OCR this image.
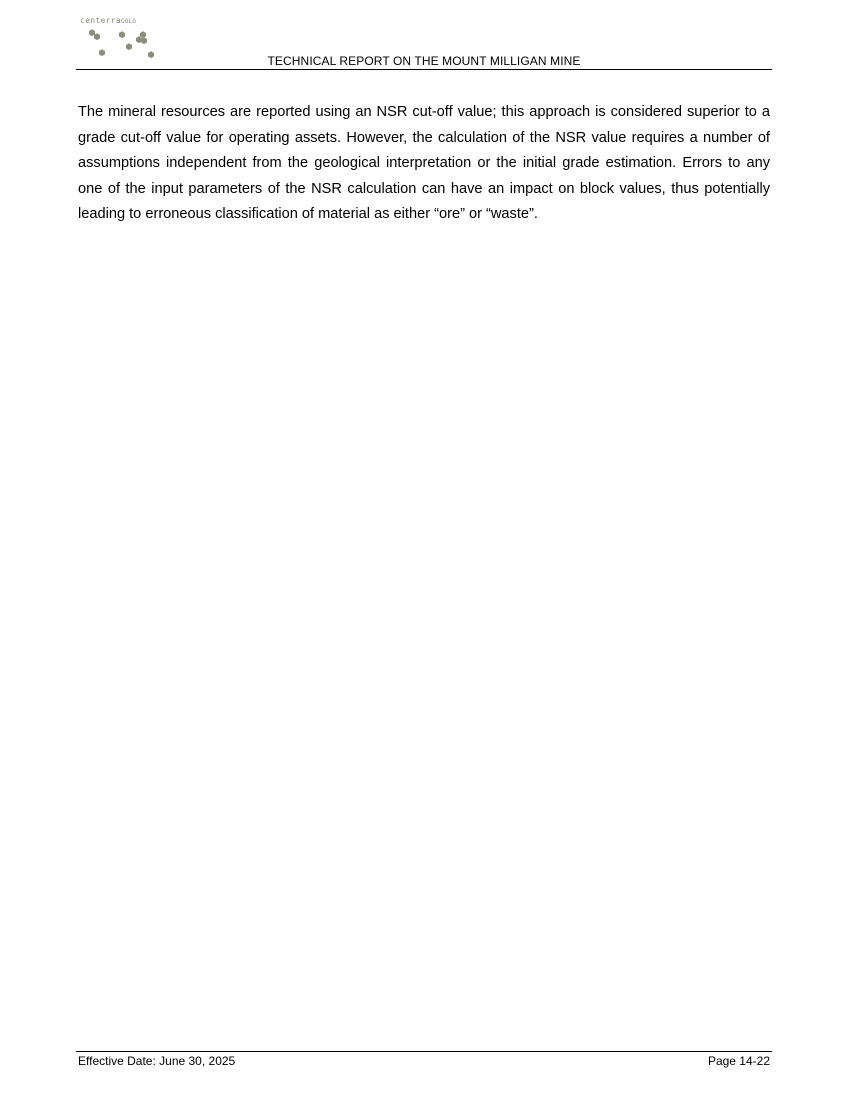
centerraGOLD
TECHNICAL REPORT ON THE MOUNT MILLIGAN MINE

The mineral resources are reported using an NSR cut-off value; this approach is considered superior to a grade cut-off value for operating assets. However, the calculation of the NSR value requires a number of assumptions independent from the geological interpretation or the initial grade estimation. Errors to any one of the input parameters of the NSR calculation can have an impact on block values, thus potentially leading to erroneous classification of material as either “ore” or “waste”.

Effective Date: June 30, 2025	Page 14-22
